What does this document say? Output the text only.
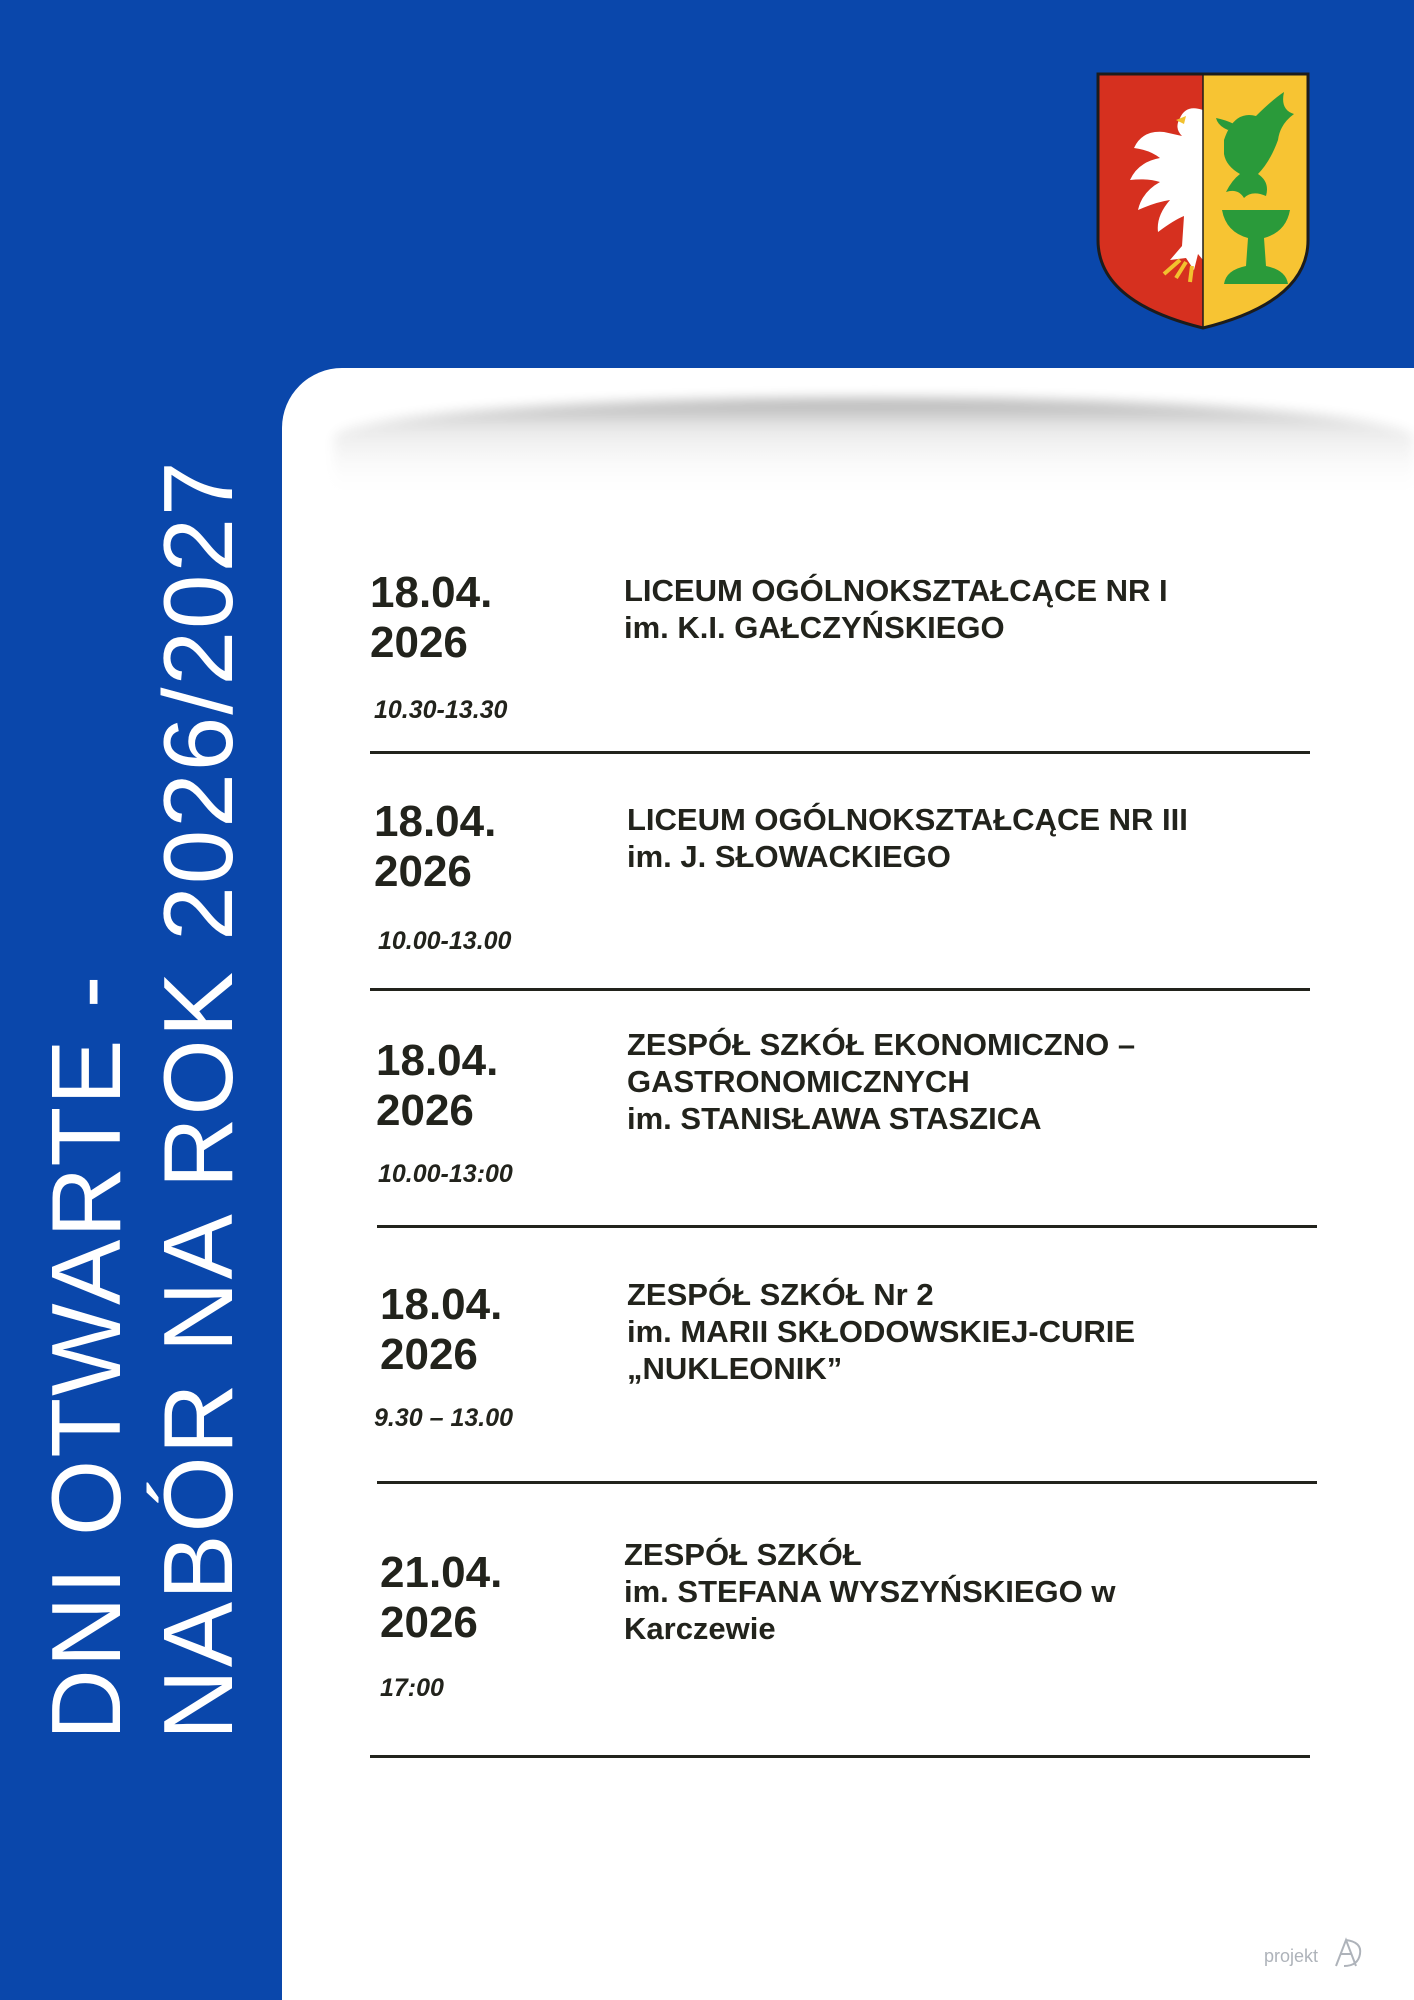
DNI OTWARTE - NABÓR NA ROK 2026/2027	18.04.
2026
10.30-13.30
LICEUM OGÓLNOKSZTAŁCĄCE NR I
im. K.I. GAŁCZYŃSKIEGO
18.04.
2026
10.00-13.00
LICEUM OGÓLNOKSZTAŁCĄCE NR III
im. J. SŁOWACKIEGO
18.04.
2026
10.00-13:00
ZESPÓŁ SZKÓŁ EKONOMICZNO –
GASTRONOMICZNYCH
im. STANISŁAWA STASZICA
18.04.
2026
9.30 – 13.00
ZESPÓŁ SZKÓŁ Nr 2
im. MARII SKŁODOWSKIEJ-CURIE
„NUKLEONIK”
21.04.
2026
17:00
ZESPÓŁ SZKÓŁ
im. STEFANA WYSZYŃSKIEGO w
Karczewie
projekt
